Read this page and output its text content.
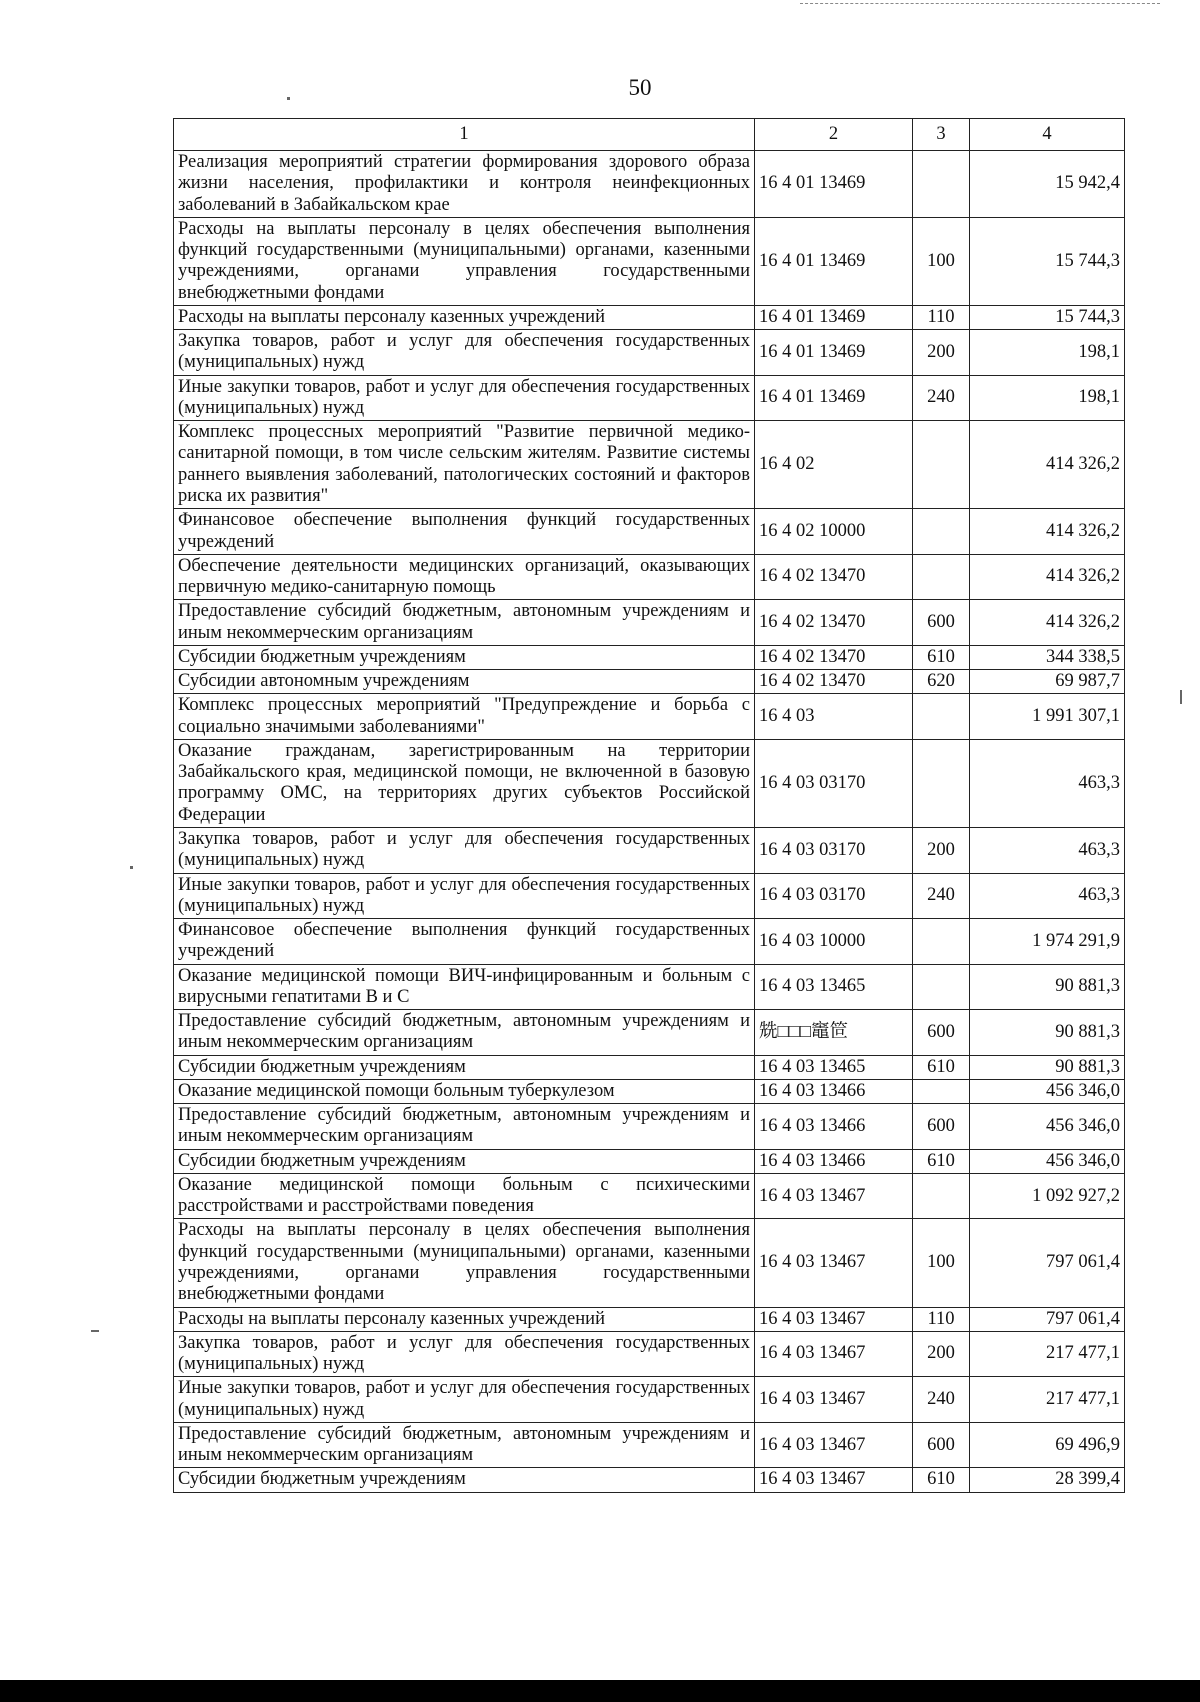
50
1	2	3	4
Реализация мероприятий стратегии формирования здорового образа жизни населения, профилактики и контроля неинфекционных заболеваний в Забайкальском крае	16 4 01 13469		15 942,4
Расходы на выплаты персоналу в целях обеспечения выполнения функций государственными (муниципальными) органами, казенными учреждениями, органами управления государственными внебюджетными фондами	16 4 01 13469	100	15 744,3
Расходы на выплаты персоналу казенных учреждений	16 4 01 13469	110	15 744,3
Закупка товаров, работ и услуг для обеспечения государственных (муниципальных) нужд	16 4 01 13469	200	198,1
Иные закупки товаров, работ и услуг для обеспечения государственных (муниципальных) нужд	16 4 01 13469	240	198,1
Комплекс процессных мероприятий "Развитие первичной медико-санитарной помощи, в том числе сельским жителям. Развитие системы раннего выявления заболеваний, патологических состояний и факторов риска их развития"	16 4 02		414 326,2
Финансовое обеспечение выполнения функций государственных учреждений	16 4 02 10000		414 326,2
Обеспечение деятельности медицинских организаций, оказывающих первичную медико-санитарную помощь	16 4 02 13470		414 326,2
Предоставление субсидий бюджетным, автономным учреждениям и иным некоммерческим организациям	16 4 02 13470	600	414 326,2
Субсидии бюджетным учреждениям	16 4 02 13470	610	344 338,5
Субсидии автономным учреждениям	16 4 02 13470	620	69 987,7
Комплекс процессных мероприятий "Предупреждение и борьба с социально значимыми заболеваниями"	16 4 03		1 991 307,1
Оказание гражданам, зарегистрированным на территории Забайкальского края, медицинской помощи, не включенной в базовую программу ОМС, на территориях других субъектов Российской Федерации	16 4 03 03170		463,3
Закупка товаров, работ и услуг для обеспечения государственных (муниципальных) нужд	16 4 03 03170	200	463,3
Иные закупки товаров, работ и услуг для обеспечения государственных (муниципальных) нужд	16 4 03 03170	240	463,3
Финансовое обеспечение выполнения функций государственных учреждений	16 4 03 10000		1 974 291,9
Оказание медицинской помощи ВИЧ-инфицированным и больным с вирусными гепатитами В и С	16 4 03 13465		90 881,3
Предоставление субсидий бюджетным, автономным учреждениям и иным некоммерческим организациям	兟□□□竈笸	600	90 881,3
Субсидии бюджетным учреждениям	16 4 03 13465	610	90 881,3
Оказание медицинской помощи больным туберкулезом	16 4 03 13466		456 346,0
Предоставление субсидий бюджетным, автономным учреждениям и иным некоммерческим организациям	16 4 03 13466	600	456 346,0
Субсидии бюджетным учреждениям	16 4 03 13466	610	456 346,0
Оказание медицинской помощи больным с психическими расстройствами и расстройствами поведения	16 4 03 13467		1 092 927,2
Расходы на выплаты персоналу в целях обеспечения выполнения функций государственными (муниципальными) органами, казенными учреждениями, органами управления государственными внебюджетными фондами	16 4 03 13467	100	797 061,4
Расходы на выплаты персоналу казенных учреждений	16 4 03 13467	110	797 061,4
Закупка товаров, работ и услуг для обеспечения государственных (муниципальных) нужд	16 4 03 13467	200	217 477,1
Иные закупки товаров, работ и услуг для обеспечения государственных (муниципальных) нужд	16 4 03 13467	240	217 477,1
Предоставление субсидий бюджетным, автономным учреждениям и иным некоммерческим организациям	16 4 03 13467	600	69 496,9
Субсидии бюджетным учреждениям	16 4 03 13467	610	28 399,4
